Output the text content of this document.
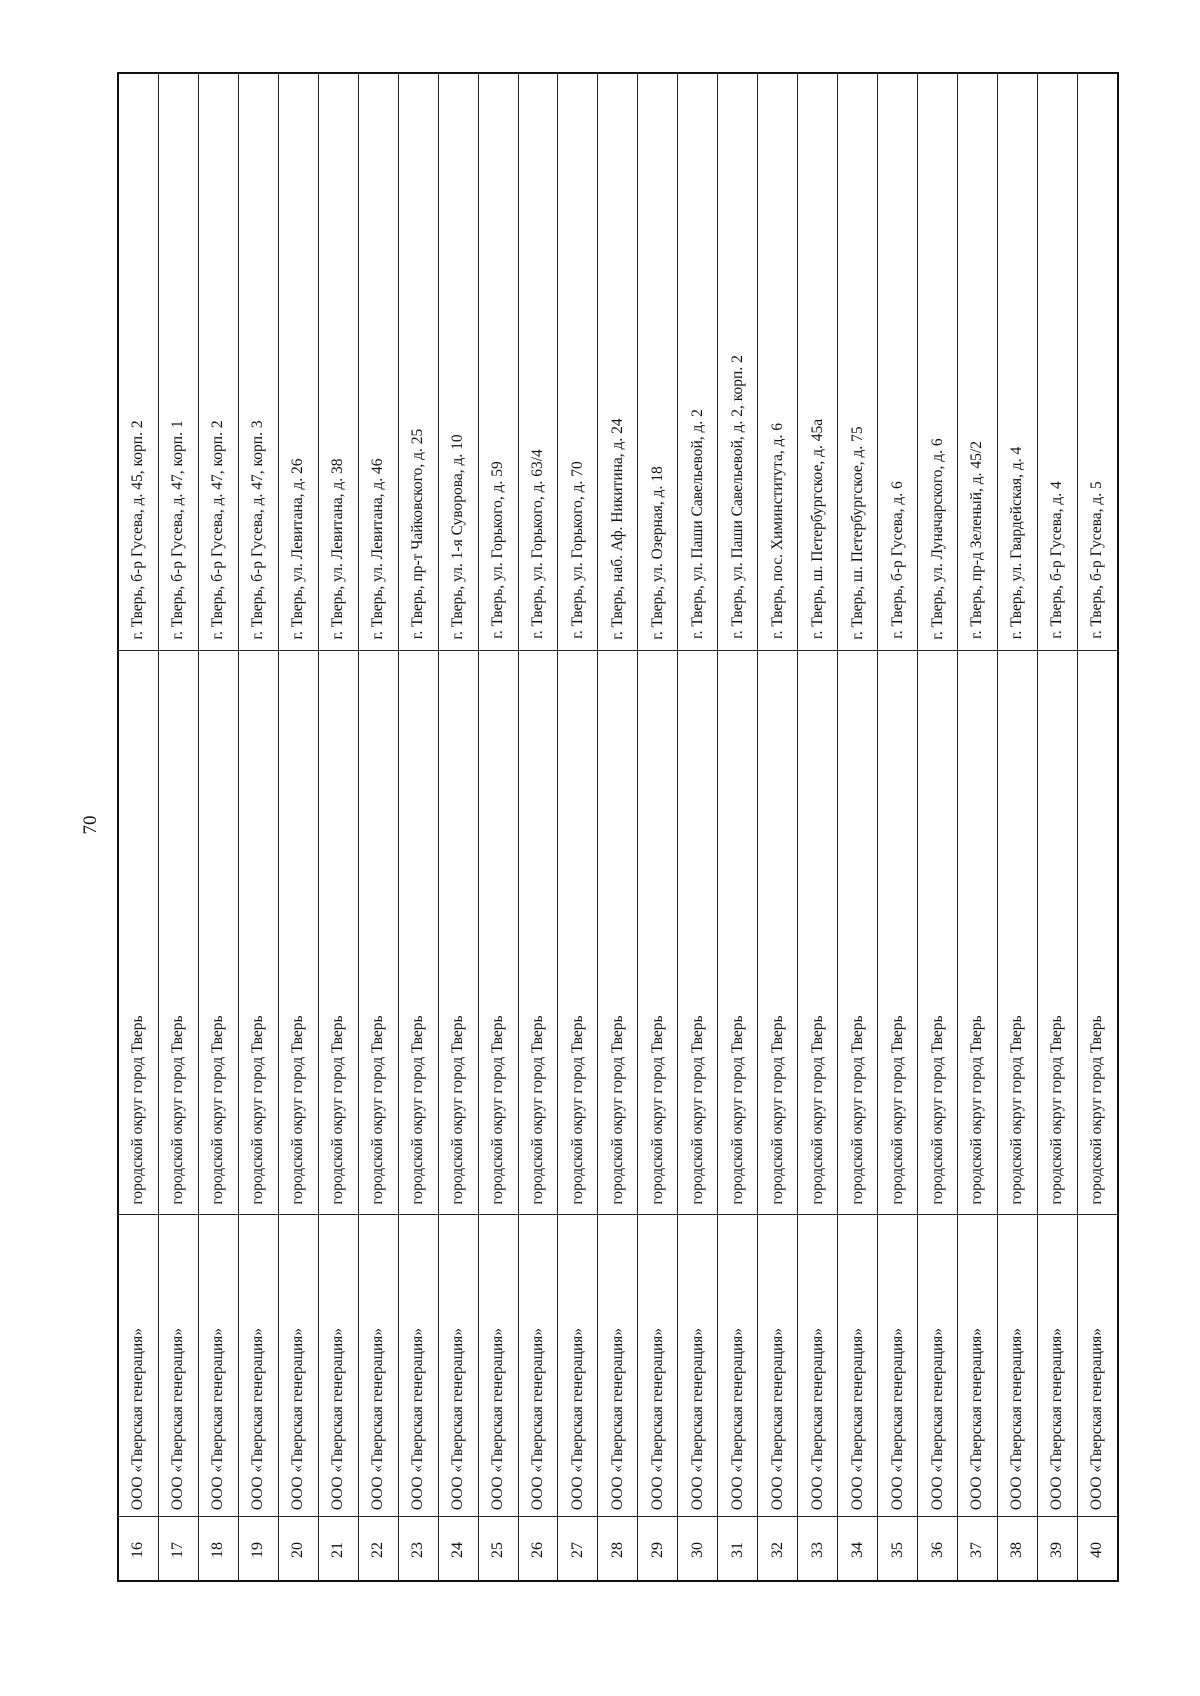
70
г. Тверь, б-р Гусева, д. 45, корп. 2
городской округ город Тверь
ООО «Тверская генерация»
16
г. Тверь, б-р Гусева, д. 47, корп. 1
городской округ город Тверь
ООО «Тверская генерация»
17
г. Тверь, б-р Гусева, д. 47, корп. 2
городской округ город Тверь
ООО «Тверская генерация»
18
г. Тверь, б-р Гусева, д. 47, корп. 3
городской округ город Тверь
ООО «Тверская генерация»
19
г. Тверь, ул. Левитана, д. 26
городской округ город Тверь
ООО «Тверская генерация»
20
г. Тверь, ул. Левитана, д. 38
городской округ город Тверь
ООО «Тверская генерация»
21
г. Тверь, ул. Левитана, д. 46
городской округ город Тверь
ООО «Тверская генерация»
22
г. Тверь, пр-т Чайковского, д. 25
городской округ город Тверь
ООО «Тверская генерация»
23
г. Тверь, ул. 1-я Суворова, д. 10
городской округ город Тверь
ООО «Тверская генерация»
24
г. Тверь, ул. Горького, д. 59
городской округ город Тверь
ООО «Тверская генерация»
25
г. Тверь, ул. Горького, д. 63/4
городской округ город Тверь
ООО «Тверская генерация»
26
г. Тверь, ул. Горького, д. 70
городской округ город Тверь
ООО «Тверская генерация»
27
г. Тверь, наб. Аф. Никитина, д. 24
городской округ город Тверь
ООО «Тверская генерация»
28
г. Тверь, ул. Озерная, д. 18
городской округ город Тверь
ООО «Тверская генерация»
29
г. Тверь, ул. Паши Савельевой, д. 2
городской округ город Тверь
ООО «Тверская генерация»
30
г. Тверь, ул. Паши Савельевой, д. 2, корп. 2
городской округ город Тверь
ООО «Тверская генерация»
31
г. Тверь, пос. Химинститута, д. 6
городской округ город Тверь
ООО «Тверская генерация»
32
г. Тверь, ш. Петербургское, д. 45а
городской округ город Тверь
ООО «Тверская генерация»
33
г. Тверь, ш. Петербургское, д. 75
городской округ город Тверь
ООО «Тверская генерация»
34
г. Тверь, б-р Гусева, д. 6
городской округ город Тверь
ООО «Тверская генерация»
35
г. Тверь, ул. Луначарского, д. 6
городской округ город Тверь
ООО «Тверская генерация»
36
г. Тверь, пр-д Зеленый, д. 45/2
городской округ город Тверь
ООО «Тверская генерация»
37
г. Тверь, ул. Гвардейская, д. 4
городской округ город Тверь
ООО «Тверская генерация»
38
г. Тверь, б-р Гусева, д. 4
городской округ город Тверь
ООО «Тверская генерация»
39
г. Тверь, б-р Гусева, д. 5
городской округ город Тверь
ООО «Тверская генерация»
40
